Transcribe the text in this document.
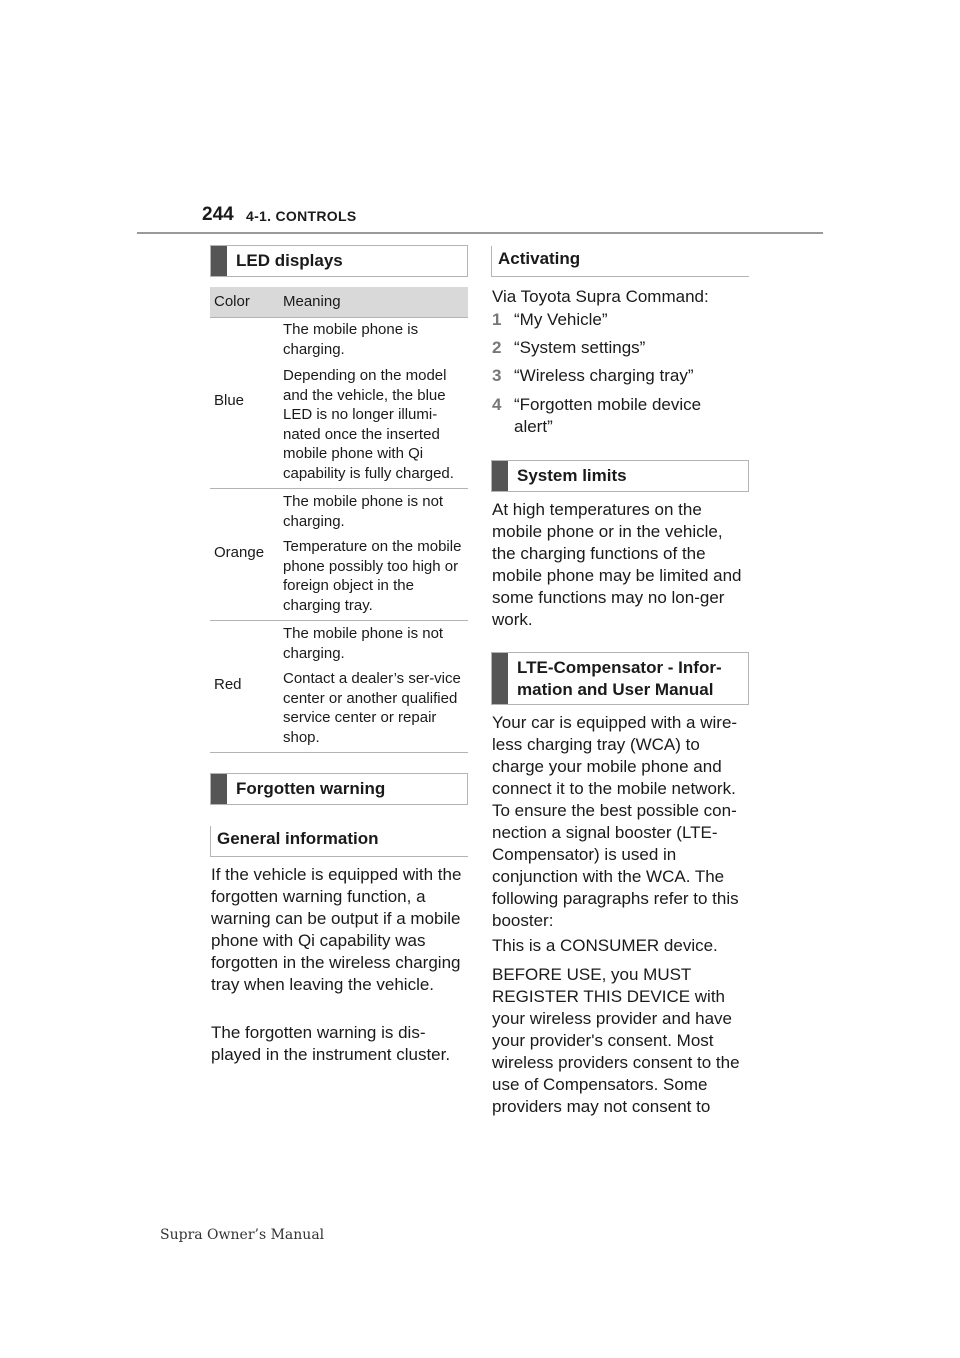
244 4-1. CONTROLS
LED displays
Color Meaning
Blue
The mobile phone is charging.
Depending on the model and the vehicle, the blue LED is no longer illumi-nated once the inserted mobile phone with Qi capability is fully charged.
Orange
The mobile phone is not charging.
Temperature on the mobile phone possibly too high or foreign object in the charging tray.
Red
The mobile phone is not charging.
Contact a dealer’s ser-vice center or another qualified service center or repair shop.
Forgotten warning
General information
If the vehicle is equipped with the forgotten warning function, a warning can be output if a mobile phone with Qi capability was forgotten in the wireless charging tray when leaving the vehicle.
The forgotten warning is dis-played in the instrument cluster.
Activating
Via Toyota Supra Command:
1 “My Vehicle”
2 “System settings”
3 “Wireless charging tray”
4 “Forgotten mobile device alert”
System limits
At high temperatures on the mobile phone or in the vehicle, the charging functions of the mobile phone may be limited and some functions may no lon-ger work.
LTE-Compensator - Infor-mation and User Manual
Your car is equipped with a wire-less charging tray (WCA) to charge your mobile phone and connect it to the mobile network. To ensure the best possible con-nection a signal booster (LTE-Compensator) is used in conjunction with the WCA. The following paragraphs refer to this booster:
This is a CONSUMER device.
BEFORE USE, you MUST REGISTER THIS DEVICE with your wireless provider and have your provider's consent. Most wireless providers consent to the use of Compensators. Some providers may not consent to
Supra Owner’s Manual
